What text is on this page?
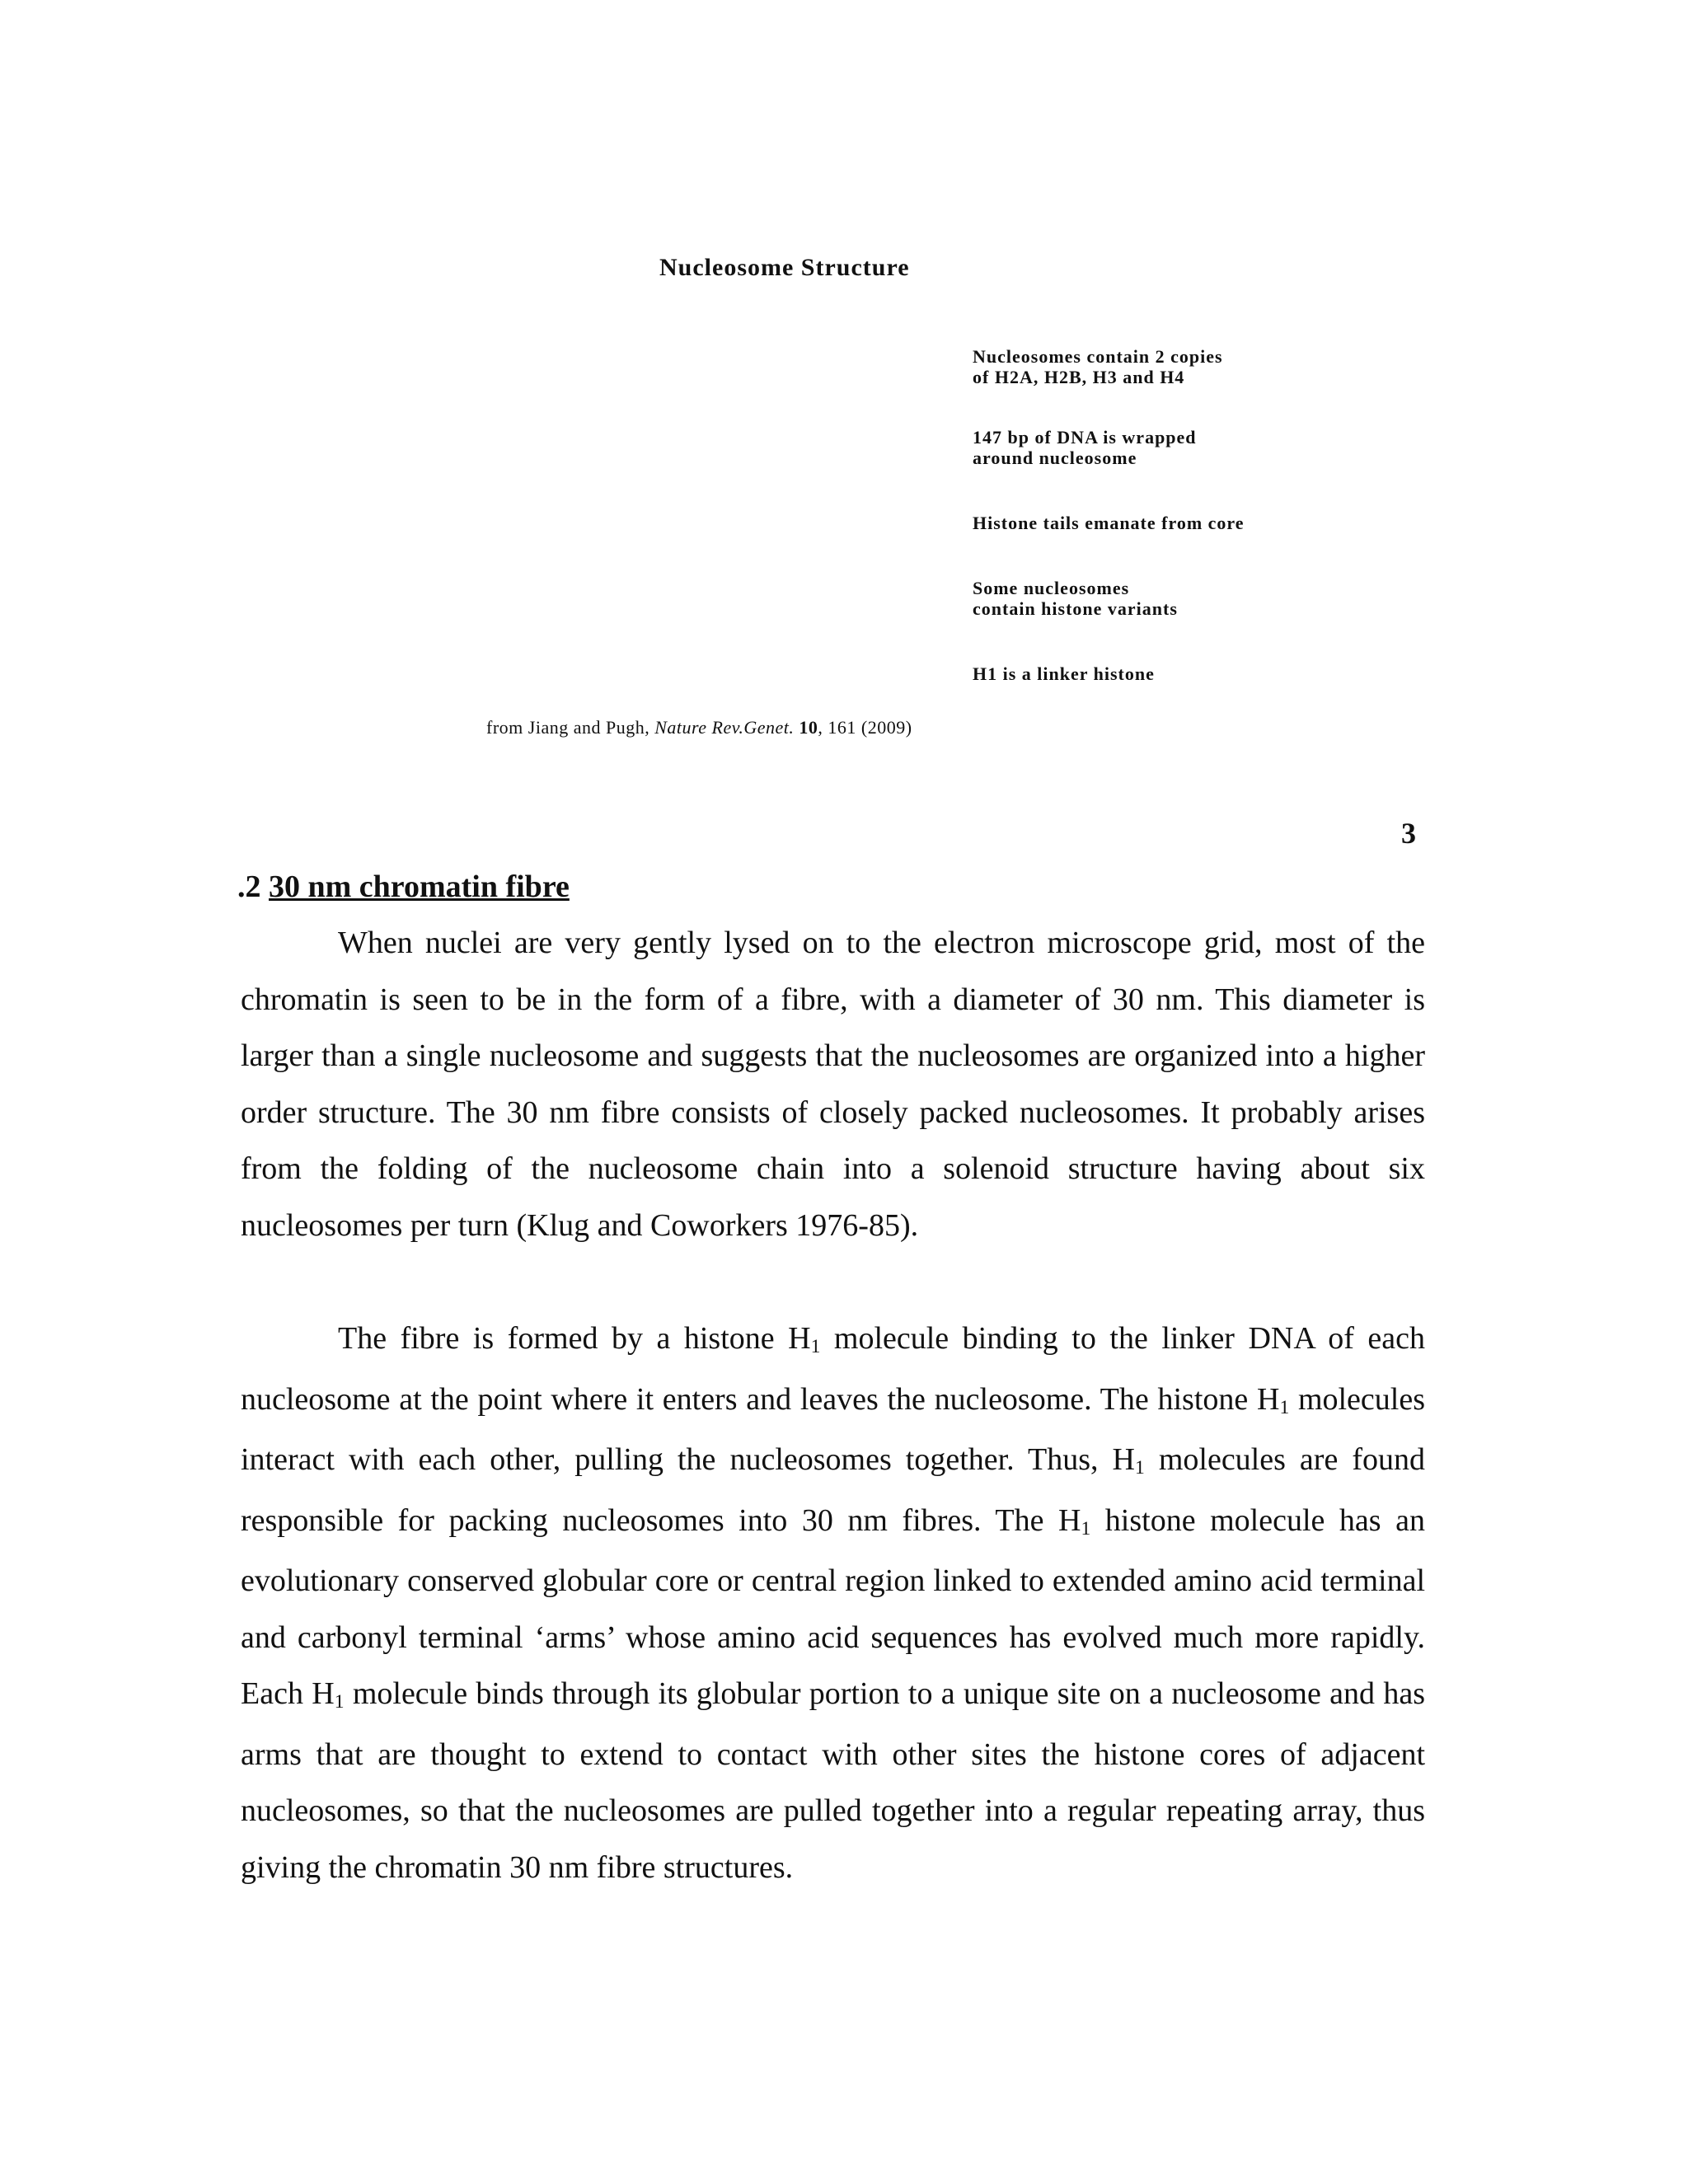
Nucleosome Structure

Nucleosomes contain 2 copies
of H2A, H2B, H3 and H4

147 bp of DNA is wrapped
around nucleosome

Histone tails emanate from core

Some nucleosomes
contain histone variants

H1 is a linker histone

from Jiang and Pugh, Nature Rev.Genet. 10, 161 (2009)
3
.2 30 nm chromatin fibre

When nuclei are very gently lysed on to the electron microscope grid, most of the chromatin is seen to be in the form of a fibre, with a diameter of 30 nm. This diameter is larger than a single nucleosome and suggests that the nucleosomes are organized into a higher order structure. The 30 nm fibre consists of closely packed nucleosomes. It probably arises from the folding of the nucleosome chain into a solenoid structure having about six nucleosomes per turn (Klug and Coworkers 1976-85).

The fibre is formed by a histone $H_1$ molecule binding to the linker DNA of each nucleosome at the point where it enters and leaves the nucleosome. The histone $H_1$ molecules interact with each other, pulling the nucleosomes together. Thus, $H_1$ molecules are found responsible for packing nucleosomes into 30 nm fibres. The $H_1$ histone molecule has an evolutionary conserved globular core or central region linked to extended amino acid terminal and carbonyl terminal ‘arms’ whose amino acid sequences has evolved much more rapidly. Each $H_1$ molecule binds through its globular portion to a unique site on a nucleosome and has arms that are thought to extend to contact with other sites the histone cores of adjacent nucleosomes, so that the nucleosomes are pulled together into a regular repeating array, thus giving the chromatin 30 nm fibre structures.
